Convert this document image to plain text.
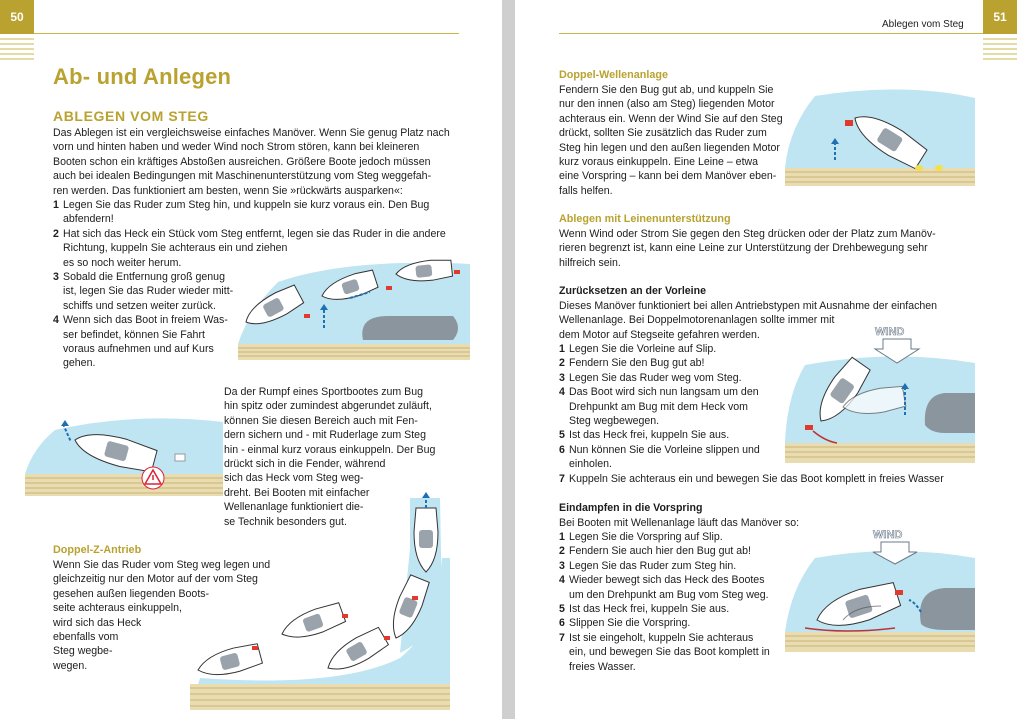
50
Ab- und Anlegen
ABLEGEN VOM STEG
Das Ablegen ist ein vergleichsweise einfaches Manöver. Wenn Sie genug Platz nach
vorn und hinten haben und weder Wind noch Strom stören, kann bei kleineren
Booten schon ein kräftiges Abstoßen ausreichen. Größere Boote jedoch müssen
auch bei idealen Bedingungen mit Maschinenunterstützung vom Steg weggefah-
ren werden. Das funktioniert am besten, wenn Sie »rückwärts ausparken«:
1 Legen Sie das Ruder zum Steg hin, und kuppeln sie kurz voraus ein. Den Bug
abfendern!
2 Hat sich das Heck ein Stück vom Steg entfernt, legen sie das Ruder in die andere
Richtung, kuppeln Sie achteraus ein und ziehen
es so noch weiter herum.
3 Sobald die Entfernung groß genug
ist, legen Sie das Ruder wieder mitt-
schiffs und setzen weiter zurück.
4 Wenn sich das Boot in freiem Was-
ser befindet, können Sie Fahrt
voraus aufnehmen und auf Kurs
gehen.
Da der Rumpf eines Sportbootes zum Bug
hin spitz oder zumindest abgerundet zuläuft,
können Sie diesen Bereich auch mit Fen-
dern sichern und - mit Ruderlage zum Steg
hin - einmal kurz voraus einkuppeln. Der Bug
drückt sich in die Fender, während
sich das Heck vom Steg weg-
dreht. Bei Booten mit einfacher
Wellenanlage funktioniert die-
se Technik besonders gut.
Doppel-Z-Antrieb
Wenn Sie das Ruder vom Steg weg legen und
gleichzeitig nur den Motor auf der vom Steg
gesehen außen liegenden Boots-
seite achteraus einkuppeln,
wird sich das Heck
ebenfalls vom
Steg wegbe-
wegen.
51
Ablegen vom Steg
Doppel-Wellenanlage
Fendern Sie den Bug gut ab, und kuppeln Sie
nur den innen (also am Steg) liegenden Motor
achteraus ein. Wenn der Wind Sie auf den Steg
drückt, sollten Sie zusätzlich das Ruder zum
Steg hin legen und den außen liegenden Motor
kurz voraus einkuppeln. Eine Leine – etwa
eine Vorspring – kann bei dem Manöver eben-
falls helfen.
Ablegen mit Leinenunterstützung
Wenn Wind oder Strom Sie gegen den Steg drücken oder der Platz zum Manöv-
rieren begrenzt ist, kann eine Leine zur Unterstützung der Drehbewegung sehr
hilfreich sein.
Zurücksetzen an der Vorleine
Dieses Manöver funktioniert bei allen Antriebstypen mit Ausnahme der einfachen
Wellenanlage. Bei Doppelmotorenanlagen sollte immer mit
dem Motor auf Stegseite gefahren werden.
1 Legen Sie die Vorleine auf Slip.
2 Fendern Sie den Bug gut ab!
3 Legen Sie das Ruder weg vom Steg.
4 Das Boot wird sich nun langsam um den
Drehpunkt am Bug mit dem Heck vom
Steg wegbewegen.
5 Ist das Heck frei, kuppeln Sie aus.
6 Nun können Sie die Vorleine slippen und
einholen.
7 Kuppeln Sie achteraus ein und bewegen Sie das Boot komplett in freies Wasser
Eindampfen in die Vorspring
Bei Booten mit Wellenanlage läuft das Manöver so:
1 Legen Sie die Vorspring auf Slip.
2 Fendern Sie auch hier den Bug gut ab!
3 Legen Sie das Ruder zum Steg hin.
4 Wieder bewegt sich das Heck des Bootes
um den Drehpunkt am Bug vom Steg weg.
5 Ist das Heck frei, kuppeln Sie aus.
6 Slippen Sie die Vorspring.
7 Ist sie eingeholt, kuppeln Sie achteraus
ein, und bewegen Sie das Boot komplett in
freies Wasser.
WIND
WIND
